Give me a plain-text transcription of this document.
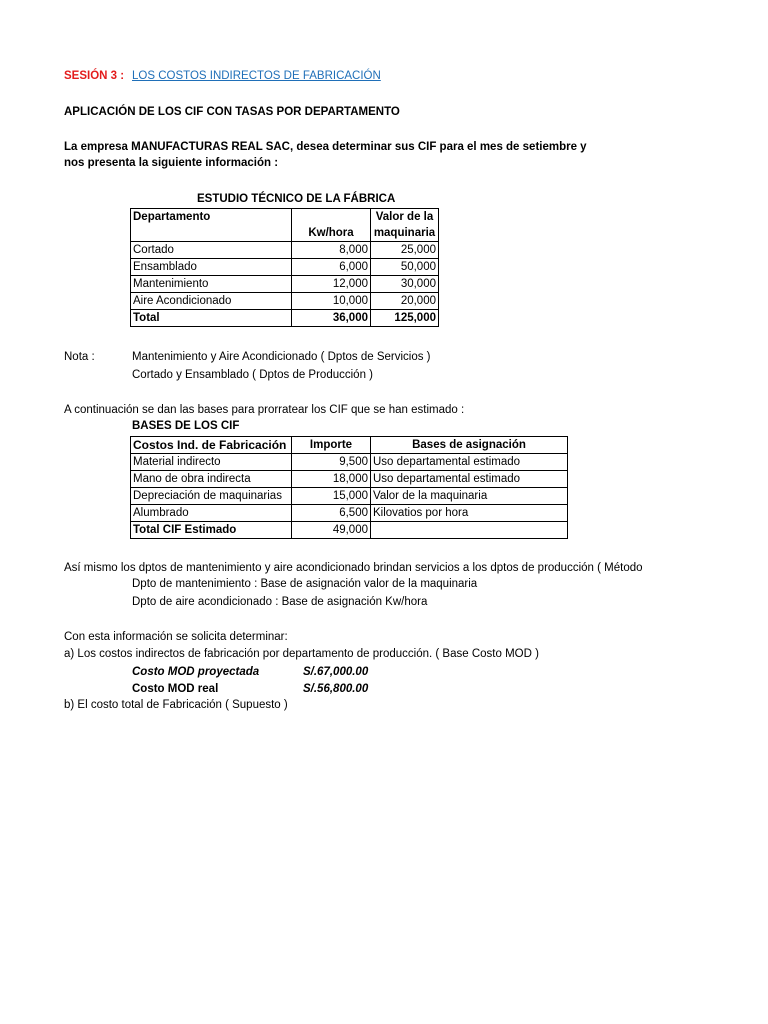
SESIÓN 3 : LOS COSTOS INDIRECTOS DE FABRICACIÓN
APLICACIÓN DE LOS CIF CON TASAS POR DEPARTAMENTO
La empresa MANUFACTURAS REAL SAC, desea determinar sus CIF para el mes de setiembre y
nos presenta la siguiente información :
ESTUDIO TÉCNICO DE LA FÁBRICA
Departamento		Valor de la
	Kw/hora	maquinaria
Cortado	8,000	25,000
Ensamblado	6,000	50,000
Mantenimiento	12,000	30,000
Aire Acondicionado	10,000	20,000
Total	36,000	125,000
Nota :	Mantenimiento y Aire Acondicionado ( Dptos de Servicios )
Cortado y Ensamblado ( Dptos de Producción )
A continuación se dan las bases para prorratear los CIF que se han estimado :
BASES DE LOS CIF
Costos Ind. de Fabricación	Importe	Bases de asignación
Material indirecto	9,500	Uso departamental estimado
Mano de obra indirecta	18,000	Uso departamental estimado
Depreciación de maquinarias	15,000	Valor de la maquinaria
Alumbrado	6,500	Kilovatios por hora
Total CIF Estimado	49,000	
Así mismo los dptos de mantenimiento y aire acondicionado brindan servicios a los dptos de producción ( Método
Dpto de mantenimiento : Base de asignación valor de la maquinaria
Dpto de aire acondicionado : Base de asignación Kw/hora
Con esta información se solicita determinar:
a) Los costos indirectos de fabricación por departamento de producción. ( Base Costo MOD )
Costo MOD proyectada	S/.67,000.00
Costo MOD real	S/.56,800.00
b) El costo total de Fabricación ( Supuesto )
